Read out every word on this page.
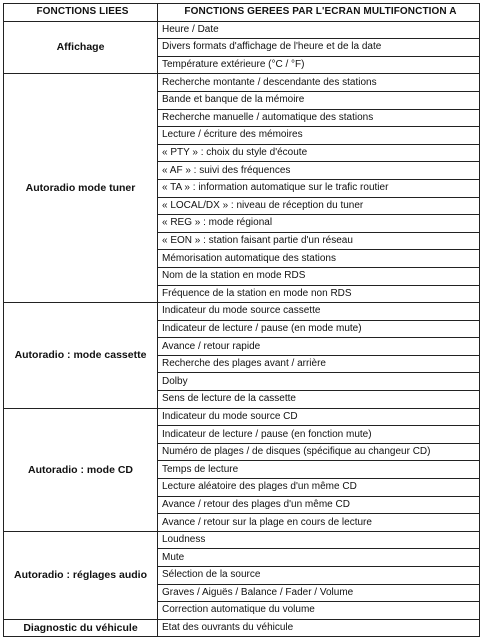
FONCTIONS LIEES	FONCTIONS GEREES PAR L'ECRAN MULTIFONCTION A
Affichage	Heure / Date
	Divers formats d'affichage de l'heure et de la date
	Température extérieure (°C / °F)
Autoradio mode tuner	Recherche montante / descendante des stations
	Bande et banque de la mémoire
	Recherche manuelle / automatique des stations
	Lecture / écriture des mémoires
	« PTY » : choix du style d'écoute
	« AF » : suivi des fréquences
	« TA » : information automatique sur le trafic routier
	« LOCAL/DX » : niveau de réception du tuner
	« REG » : mode régional
	« EON » : station faisant partie d'un réseau
	Mémorisation automatique des stations
	Nom de la station en mode RDS
	Fréquence de la station en mode non RDS
Autoradio : mode cassette	Indicateur du mode source cassette
	Indicateur de lecture / pause (en mode mute)
	Avance / retour rapide
	Recherche des plages avant / arrière
	Dolby
	Sens de lecture de la cassette
Autoradio : mode CD	Indicateur du mode source CD
	Indicateur de lecture / pause (en fonction mute)
	Numéro de plages / de disques (spécifique au changeur CD)
	Temps de lecture
	Lecture aléatoire des plages d'un même CD
	Avance / retour des plages d'un même CD
	Avance / retour sur la plage en cours de lecture
Autoradio : réglages audio	Loudness
	Mute
	Sélection de la source
	Graves / Aiguës / Balance / Fader / Volume
	Correction automatique du volume
Diagnostic du véhicule	Etat des ouvrants du véhicule
